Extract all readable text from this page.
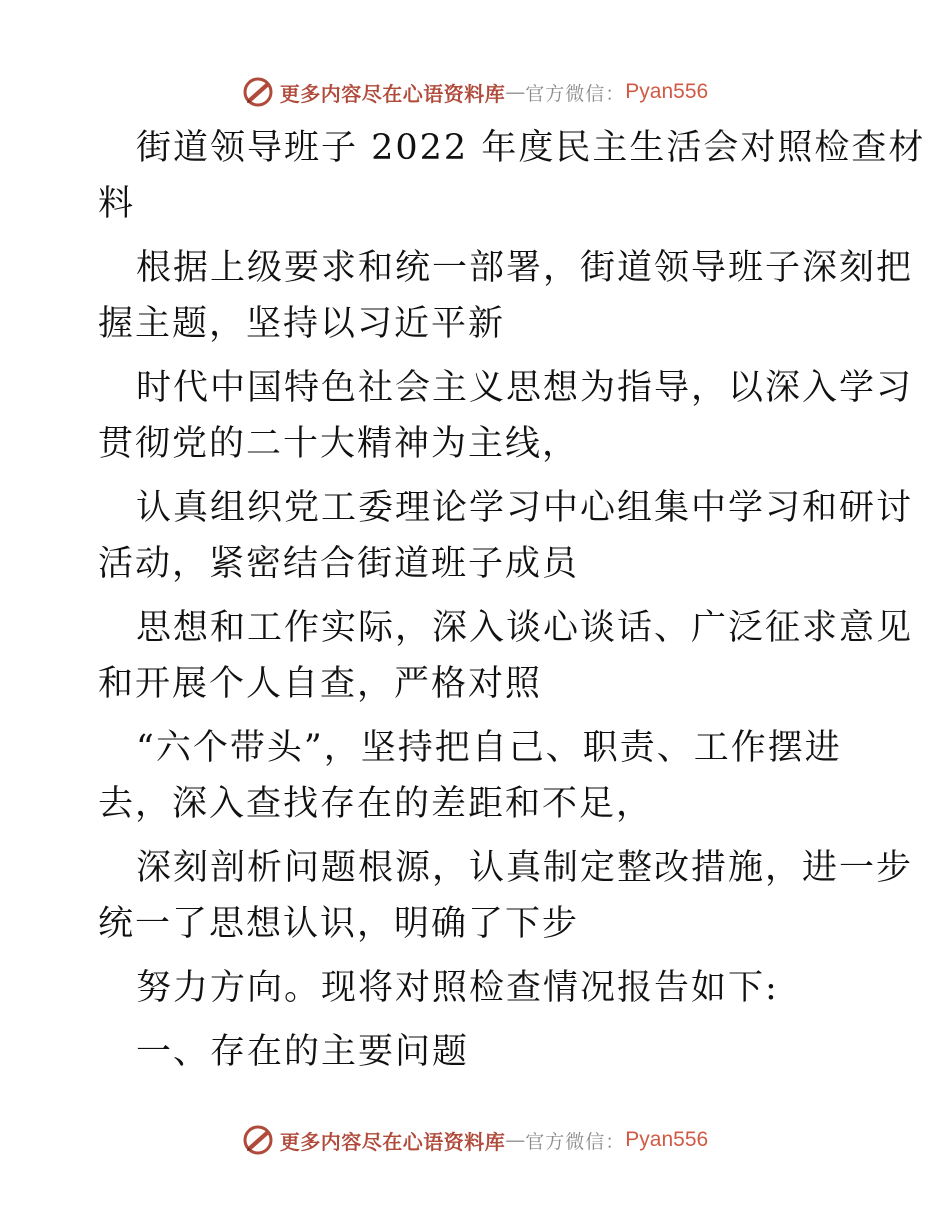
更多内容尽在心语资料库 — 官方微信： Pyan556
街道领导班子 2022 年度民主生活会对照检查材
料
根据上级要求和统一部署，街道领导班子深刻把
握主题，坚持以习近平新
时代中国特色社会主义思想为指导，以深入学习
贯彻党的二十大精神为主线，
认真组织党工委理论学习中心组集中学习和研讨
活动，紧密结合街道班子成员
思想和工作实际，深入谈心谈话、广泛征求意见
和开展个人自查，严格对照
“六个带头”，坚持把自己、职责、工作摆进
去，深入查找存在的差距和不足，
深刻剖析问题根源，认真制定整改措施，进一步
统一了思想认识，明确了下步
努力方向。现将对照检查情况报告如下:
一、存在的主要问题
更多内容尽在心语资料库 — 官方微信： Pyan556
